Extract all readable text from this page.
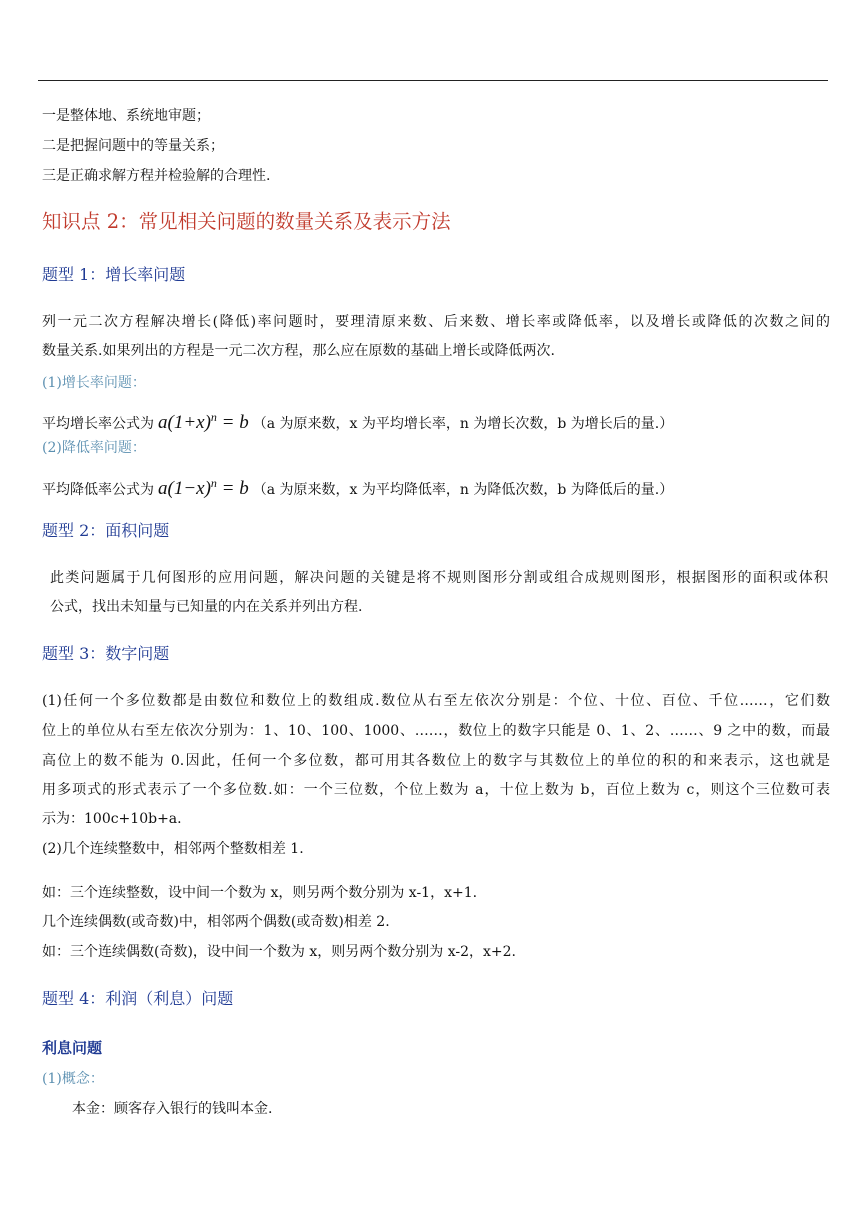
一是整体地、系统地审题；
二是把握问题中的等量关系；
三是正确求解方程并检验解的合理性.
知识点 2：常见相关问题的数量关系及表示方法
题型 1：增长率问题
列一元二次方程解决增长(降低)率问题时，要理清原来数、后来数、增长率或降低率，以及增长或降低的次数之间的
数量关系.如果列出的方程是一元二次方程，那么应在原数的基础上增长或降低两次.
(1)增长率问题：
平均增长率公式为 $a(1+x)^n = b$ （a 为原来数，x 为平均增长率，n 为增长次数，b 为增长后的量.）
(2)降低率问题：
平均降低率公式为 $a(1-x)^n = b$ （a 为原来数，x 为平均降低率，n 为降低次数，b 为降低后的量.）
题型 2：面积问题
此类问题属于几何图形的应用问题，解决问题的关键是将不规则图形分割或组合成规则图形，根据图形的面积或体积
公式，找出未知量与已知量的内在关系并列出方程.
题型 3：数字问题
(1)任何一个多位数都是由数位和数位上的数组成.数位从右至左依次分别是：个位、十位、百位、千位……，它们数
位上的单位从右至左依次分别为：1、10、100、1000、……，数位上的数字只能是 0、1、2、……、9 之中的数，而最
高位上的数不能为 0.因此，任何一个多位数，都可用其各数位上的数字与其数位上的单位的积的和来表示，这也就是
用多项式的形式表示了一个多位数.如：一个三位数，个位上数为 a，十位上数为 b，百位上数为 c，则这个三位数可表
示为：100c+10b+a.
(2)几个连续整数中，相邻两个整数相差 1.
如：三个连续整数，设中间一个数为 x，则另两个数分别为 x-1，x+1.
几个连续偶数(或奇数)中，相邻两个偶数(或奇数)相差 2.
如：三个连续偶数(奇数)，设中间一个数为 x，则另两个数分别为 x-2，x+2.
题型 4：利润（利息）问题
利息问题
(1)概念：
本金：顾客存入银行的钱叫本金.
